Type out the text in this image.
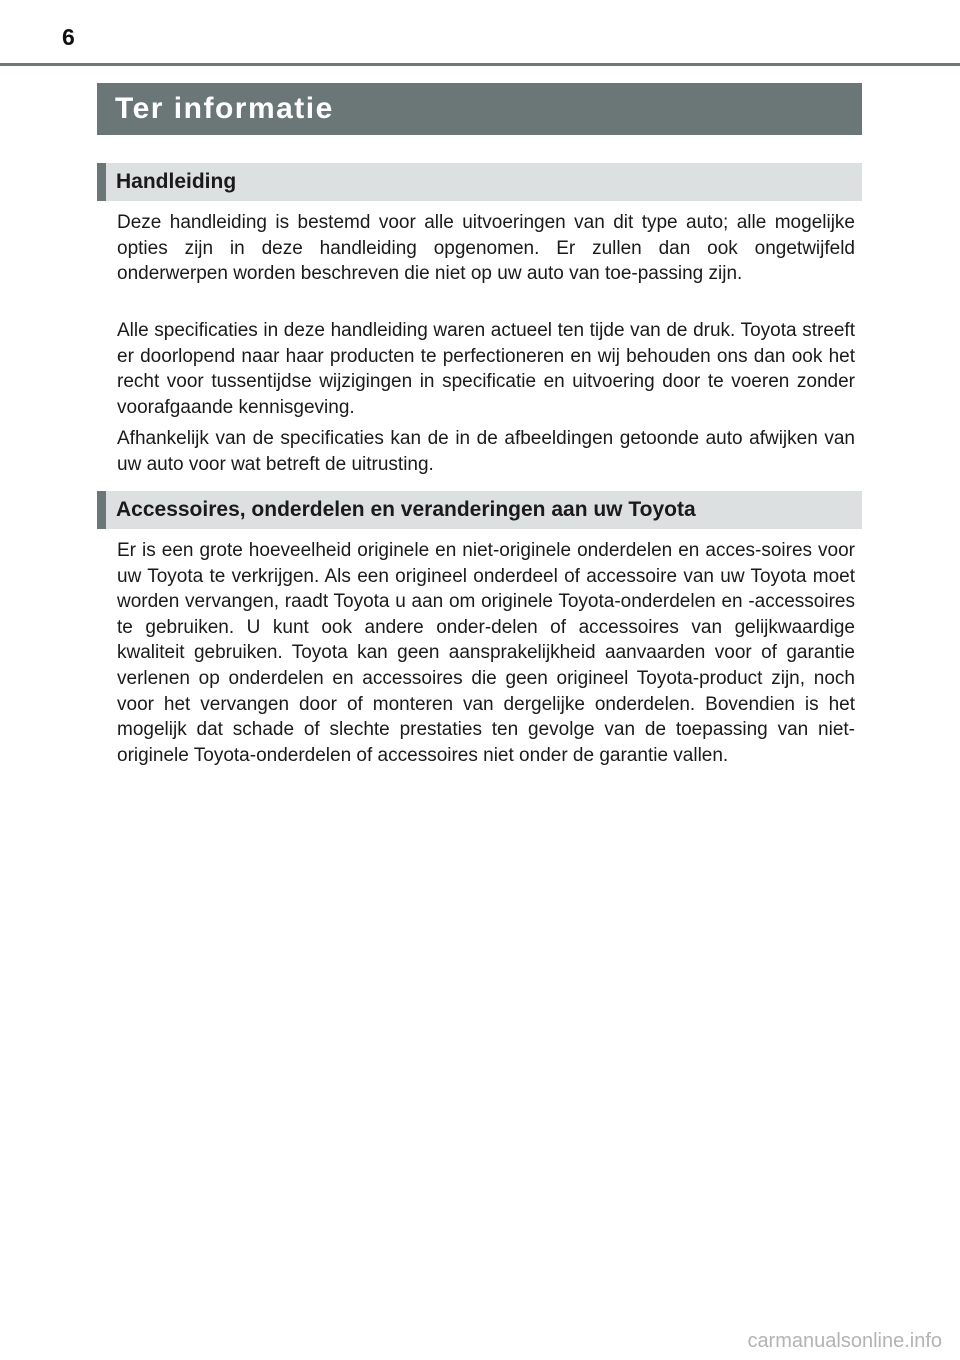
6
Ter informatie
Handleiding

Deze handleiding is bestemd voor alle uitvoeringen van dit type auto; alle mogelijke opties zijn in deze handleiding opgenomen. Er zullen dan ook ongetwijfeld onderwerpen worden beschreven die niet op uw auto van toe-passing zijn.

Alle specificaties in deze handleiding waren actueel ten tijde van de druk. Toyota streeft er doorlopend naar haar producten te perfectioneren en wij behouden ons dan ook het recht voor tussentijdse wijzigingen in specificatie en uitvoering door te voeren zonder voorafgaande kennisgeving.

Afhankelijk van de specificaties kan de in de afbeeldingen getoonde auto afwijken van uw auto voor wat betreft de uitrusting.

Accessoires, onderdelen en veranderingen aan uw Toyota

Er is een grote hoeveelheid originele en niet-originele onderdelen en acces-soires voor uw Toyota te verkrijgen. Als een origineel onderdeel of accessoire van uw Toyota moet worden vervangen, raadt Toyota u aan om originele Toyota-onderdelen en -accessoires te gebruiken. U kunt ook andere onder-delen of accessoires van gelijkwaardige kwaliteit gebruiken. Toyota kan geen aansprakelijkheid aanvaarden voor of garantie verlenen op onderdelen en accessoires die geen origineel Toyota-product zijn, noch voor het vervangen door of monteren van dergelijke onderdelen. Bovendien is het mogelijk dat schade of slechte prestaties ten gevolge van de toepassing van niet-originele Toyota-onderdelen of accessoires niet onder de garantie vallen.

carmanualsonline.info
